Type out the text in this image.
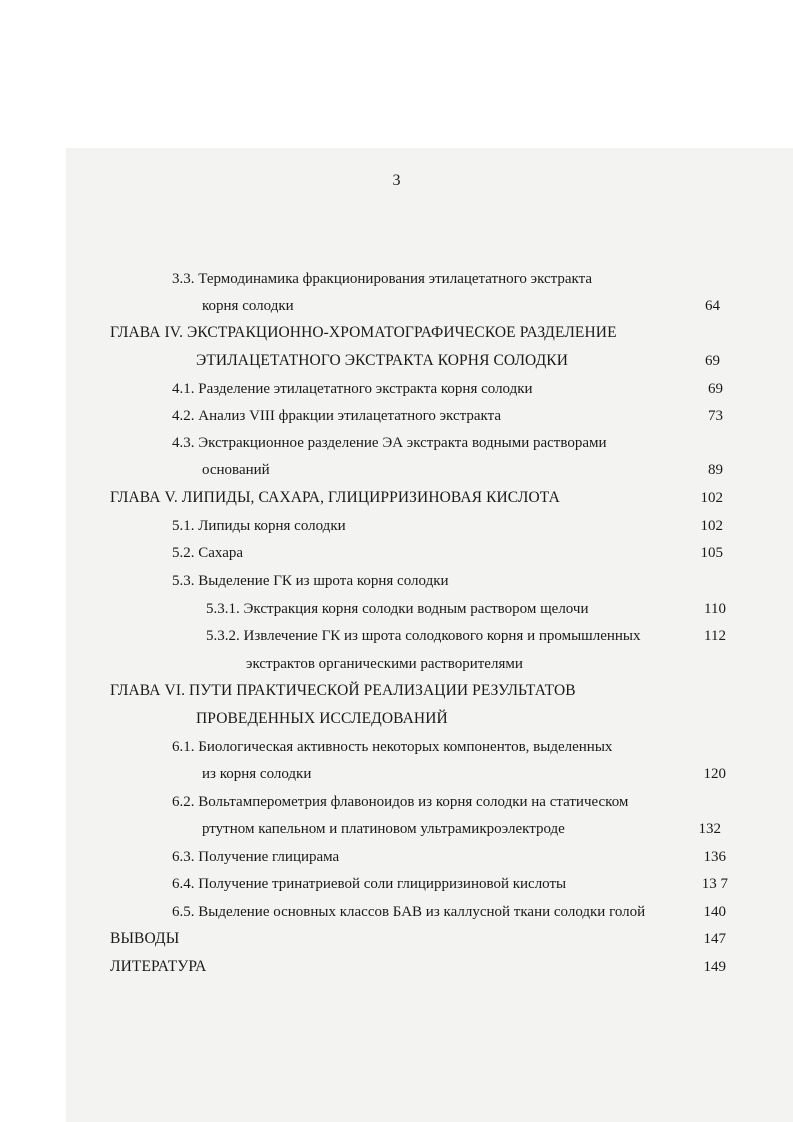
3
3.3. Термодинамика фракционирования этилацетатного экстракта
корня солодки	64
ГЛАВА IV. ЭКСТРАКЦИОННО-ХРОМАТОГРАФИЧЕСКОЕ РАЗДЕЛЕНИЕ
ЭТИЛАЦЕТАТНОГО ЭКСТРАКТА КОРНЯ СОЛОДКИ	69
4.1. Разделение этилацетатного экстракта корня солодки	69
4.2. Анализ VIII фракции этилацетатного экстракта	73
4.3. Экстракционное разделение ЭА экстракта водными растворами
оснований	89
ГЛАВА V. ЛИПИДЫ, САХАРА, ГЛИЦИРРИЗИНОВАЯ КИСЛОТА	102
5.1. Липиды корня солодки	102
5.2. Сахара	105
5.3. Выделение ГК из шрота корня солодки
5.3.1. Экстракция корня солодки водным раствором щелочи	110
5.3.2. Извлечение ГК из шрота солодкового корня и промышленных	112
экстрактов органическими растворителями
ГЛАВА VI. ПУТИ ПРАКТИЧЕСКОЙ РЕАЛИЗАЦИИ РЕЗУЛЬТАТОВ
ПРОВЕДЕННЫХ ИССЛЕДОВАНИЙ
6.1. Биологическая активность некоторых компонентов, выделенных
из корня солодки	120
6.2. Вольтамперометрия флавоноидов из корня солодки на статическом
ртутном капельном и платиновом ультрамикроэлектроде	132
6.3. Получение глицирама	136
6.4. Получение тринатриевой соли глицирризиновой кислоты	13 7
6.5. Выделение основных классов БАВ из каллусной ткани солодки голой	140
ВЫВОДЫ	147
ЛИТЕРАТУРА	149
